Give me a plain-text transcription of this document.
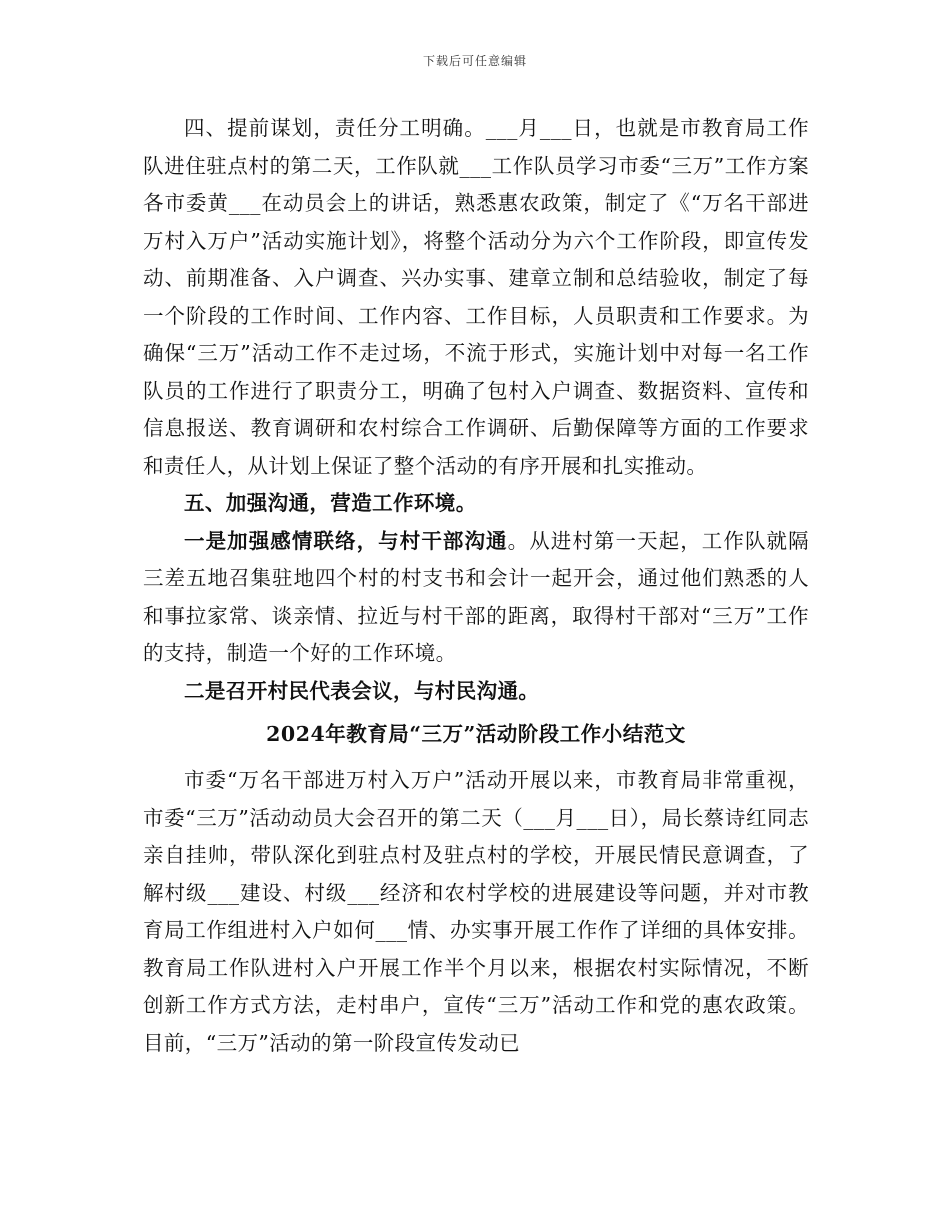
下载后可任意编辑

四、提前谋划，责任分工明确。___月___日，也就是市教育局工作队进住驻点村的第二天，工作队就___工作队员学习市委“三万”工作方案各市委黄___在动员会上的讲话，熟悉惠农政策，制定了《“万名干部进万村入万户”活动实施计划》，将整个活动分为六个工作阶段，即宣传发动、前期准备、入户调查、兴办实事、建章立制和总结验收，制定了每一个阶段的工作时间、工作内容、工作目标，人员职责和工作要求。为确保“三万”活动工作不走过场，不流于形式，实施计划中对每一名工作队员的工作进行了职责分工，明确了包村入户调查、数据资料、宣传和信息报送、教育调研和农村综合工作调研、后勤保障等方面的工作要求和责任人，从计划上保证了整个活动的有序开展和扎实推动。

五、加强沟通，营造工作环境。

一是加强感情联络，与村干部沟通。从进村第一天起，工作队就隔三差五地召集驻地四个村的村支书和会计一起开会，通过他们熟悉的人和事拉家常、谈亲情、拉近与村干部的距离，取得村干部对“三万”工作的支持，制造一个好的工作环境。

二是召开村民代表会议，与村民沟通。

2024年教育局“三万”活动阶段工作小结范文

市委“万名干部进万村入万户”活动开展以来，市教育局非常重视，市委“三万”活动动员大会召开的第二天（___月___日），局长蔡诗红同志亲自挂帅，带队深化到驻点村及驻点村的学校，开展民情民意调查，了解村级___建设、村级___经济和农村学校的进展建设等问题，并对市教育局工作组进村入户如何___情、办实事开展工作作了详细的具体安排。教育局工作队进村入户开展工作半个月以来，根据农村实际情况，不断创新工作方式方法，走村串户，宣传“三万”活动工作和党的惠农政策。目前，“三万”活动的第一阶段宣传发动已
